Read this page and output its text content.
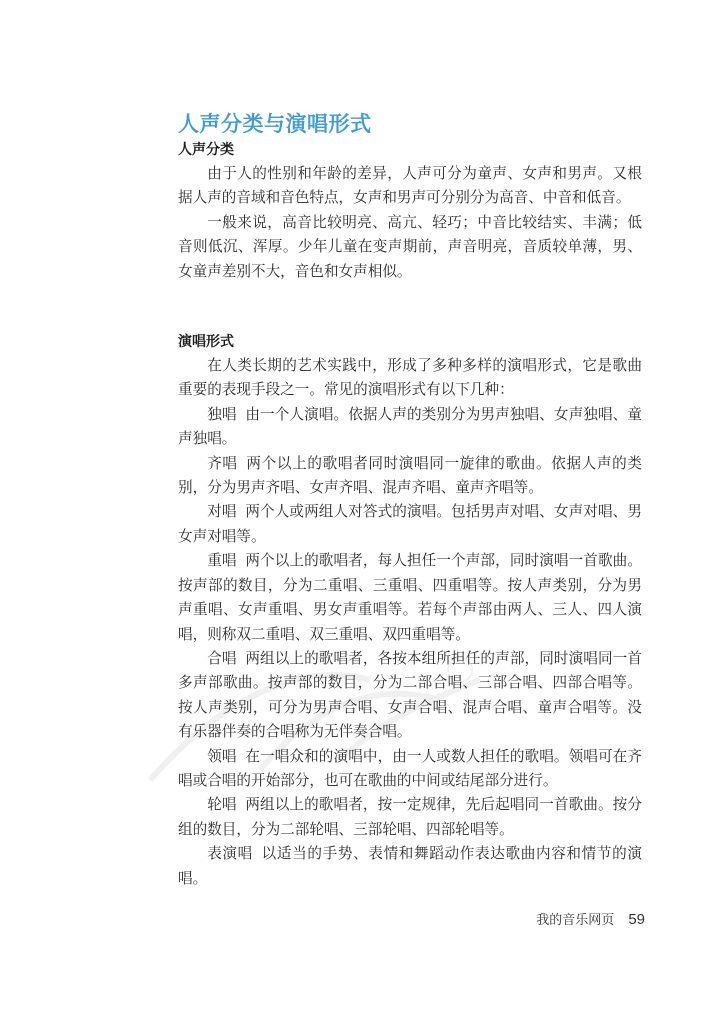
人声分类与演唱形式
人声分类

由于人的性别和年龄的差异，人声可分为童声、女声和男声。又根据人声的音域和音色特点，女声和男声可分别分为高音、中音和低音。

一般来说，高音比较明亮、高亢、轻巧；中音比较结实、丰满；低音则低沉、浑厚。少年儿童在变声期前，声音明亮，音质较单薄，男、女童声差别不大，音色和女声相似。

演唱形式

在人类长期的艺术实践中，形成了多种多样的演唱形式，它是歌曲重要的表现手段之一。常见的演唱形式有以下几种：

独唱 由一个人演唱。依据人声的类别分为男声独唱、女声独唱、童声独唱。

齐唱 两个以上的歌唱者同时演唱同一旋律的歌曲。依据人声的类别，分为男声齐唱、女声齐唱、混声齐唱、童声齐唱等。

对唱 两个人或两组人对答式的演唱。包括男声对唱、女声对唱、男女声对唱等。

重唱 两个以上的歌唱者，每人担任一个声部，同时演唱一首歌曲。按声部的数目，分为二重唱、三重唱、四重唱等。按人声类别，分为男声重唱、女声重唱、男女声重唱等。若每个声部由两人、三人、四人演唱，则称双二重唱、双三重唱、双四重唱等。

合唱 两组以上的歌唱者，各按本组所担任的声部，同时演唱同一首多声部歌曲。按声部的数目，分为二部合唱、三部合唱、四部合唱等。按人声类别，可分为男声合唱、女声合唱、混声合唱、童声合唱等。没有乐器伴奏的合唱称为无伴奏合唱。

领唱 在一唱众和的演唱中，由一人或数人担任的歌唱。领唱可在齐唱或合唱的开始部分，也可在歌曲的中间或结尾部分进行。

轮唱 两组以上的歌唱者，按一定规律，先后起唱同一首歌曲。按分组的数目，分为二部轮唱、三部轮唱、四部轮唱等。

表演唱 以适当的手势、表情和舞蹈动作表达歌曲内容和情节的演唱。

我的音乐网页 59
